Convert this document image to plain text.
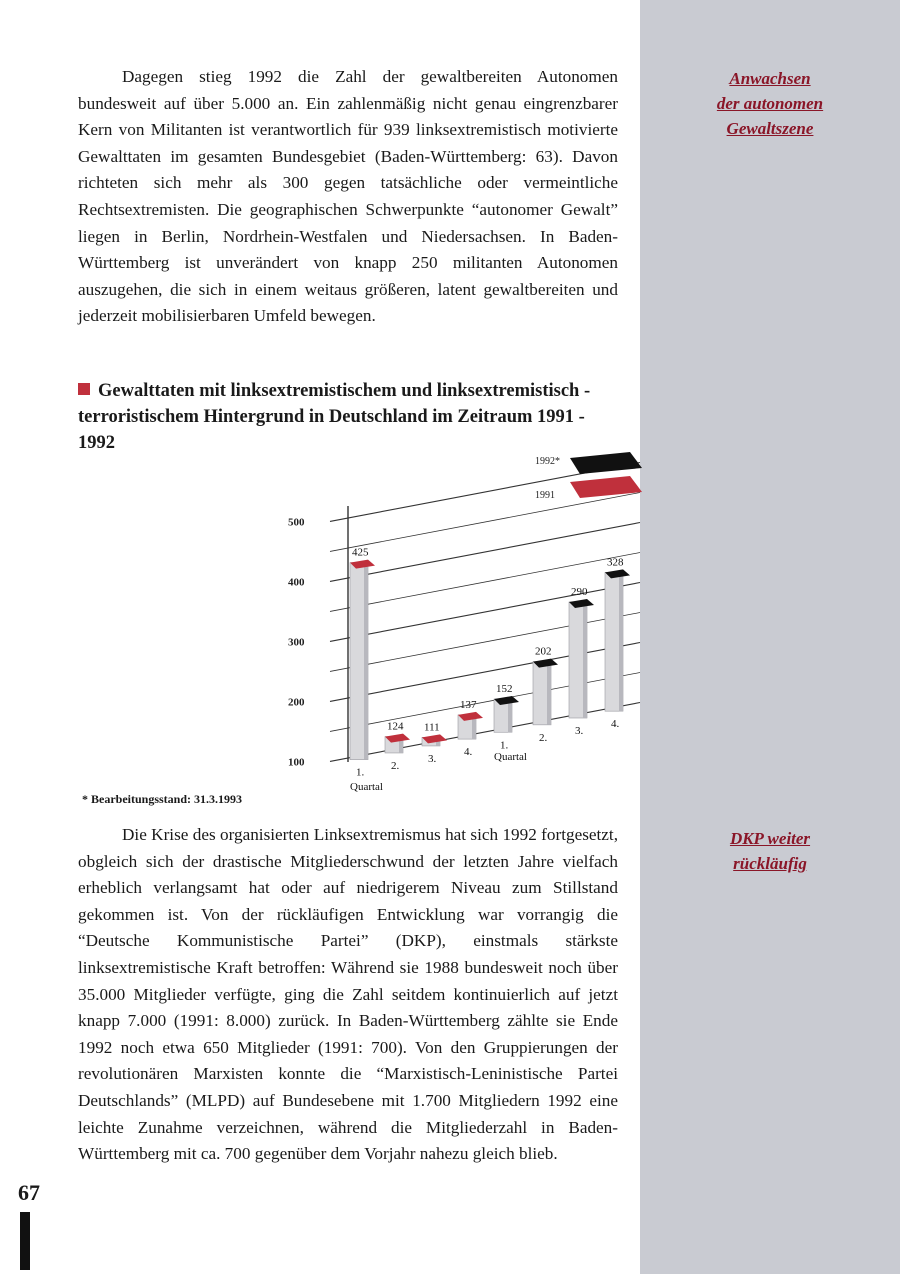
Anwachsen
der autonomen
Gewaltszene
DKP weiter
rückläufig

Dagegen stieg 1992 die Zahl der gewaltbereiten Autonomen bundesweit auf über 5.000 an. Ein zahlenmäßig nicht genau eingrenzbarer Kern von Militanten ist verantwortlich für 939 linksextremistisch motivierte Gewalttaten im gesamten Bundesgebiet (Baden-Württemberg: 63). Davon richteten sich mehr als 300 gegen tatsächliche oder vermeintliche Rechtsextremisten. Die geographischen Schwerpunkte “autonomer Gewalt” liegen in Berlin, Nordrhein-Westfalen und Niedersachsen. In Baden-Württemberg ist unverändert von knapp 250 militanten Autonomen auszugehen, die sich in einem weitaus größeren, latent gewaltbereiten und jederzeit mobilisierbaren Umfeld bewegen.

Gewalttaten mit linksextremistischem und linksextremistisch - terroristischem Hintergrund in Deutschland im Zeitraum 1991 - 1992
100
200
300
400
500
1992*
1991
425
1.
124
2.
111
3.
137
4.
152
1.
202
2.
290
3.
328
4.
Quartal
Quartal
* Bearbeitungsstand: 31.3.1993

Die Krise des organisierten Linksextremismus hat sich 1992 fortgesetzt, obgleich sich der drastische Mitgliederschwund der letzten Jahre vielfach erheblich verlangsamt hat oder auf niedrigerem Niveau zum Stillstand gekommen ist. Von der rückläufigen Entwicklung war vorrangig die “Deutsche Kommunistische Partei” (DKP), einstmals stärkste linksextremistische Kraft betroffen: Während sie 1988 bundesweit noch über 35.000 Mitglieder verfügte, ging die Zahl seitdem kontinuierlich auf jetzt knapp 7.000 (1991: 8.000) zurück. In Baden-Württemberg zählte sie Ende 1992 noch etwa 650 Mitglieder (1991: 700). Von den Gruppierungen der revolutionären Marxisten konnte die “Marxistisch-Leninistische Partei Deutschlands” (MLPD) auf Bundesebene mit 1.700 Mitgliedern 1992 eine leichte Zunahme verzeichnen, während die Mitgliederzahl in Baden-Württemberg mit ca. 700 gegenüber dem Vorjahr nahezu gleich blieb.

67
